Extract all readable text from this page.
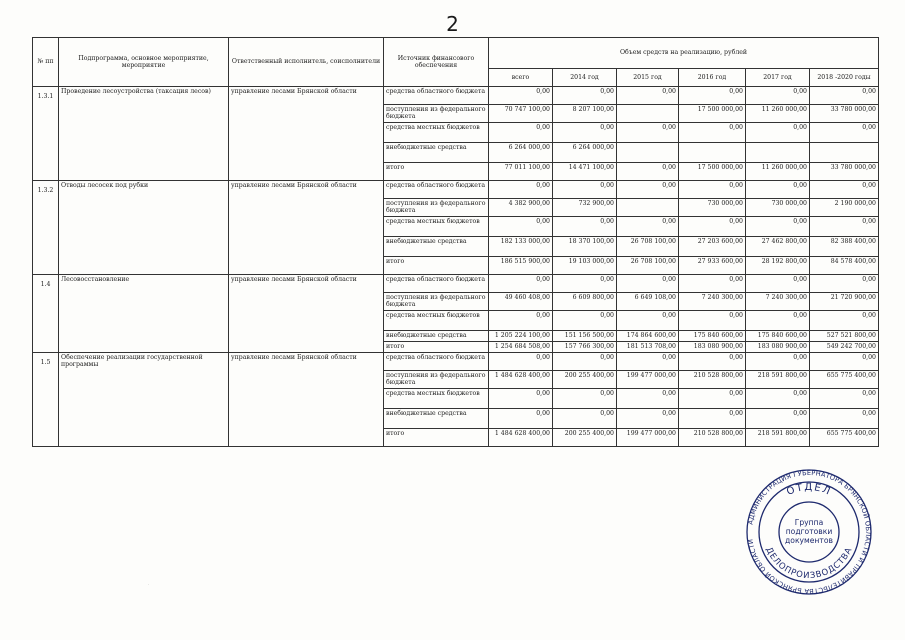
2
№ пп	Подпрограмма, основное мероприятие, мероприятие	Ответственный исполнитель, соисполнители	Источник финансового обеспечения	Объем средств на реализацию, рублей					
				всего	2014 год	2015 год	2016 год	2017 год	2018 -2020 годы
1.3.1	Проведение лесоустройства (таксация лесов)	управление лесами Брянской области	средства областного бюджета	0,00	0,00	0,00	0,00	0,00	0,00
			поступления из федерального бюджета	70 747 100,00	8 207 100,00		17 500 000,00	11 260 000,00	33 780 000,00
			средства местных бюджетов	0,00	0,00	0,00	0,00	0,00	0,00
			внебюджетные средства	6 264 000,00	6 264 000,00				
			итого	77 011 100,00	14 471 100,00	0,00	17 500 000,00	11 260 000,00	33 780 000,00
1.3.2	Отводы лесосек под рубки	управление лесами Брянской области	средства областного бюджета	0,00	0,00	0,00	0,00	0,00	0,00
			поступления из федерального бюджета	4 382 900,00	732 900,00		730 000,00	730 000,00	2 190 000,00
			средства местных бюджетов	0,00	0,00	0,00	0,00	0,00	0,00
			внебюджетные средства	182 133 000,00	18 370 100,00	26 708 100,00	27 203 600,00	27 462 800,00	82 388 400,00
			итого	186 515 900,00	19 103 000,00	26 708 100,00	27 933 600,00	28 192 800,00	84 578 400,00
1.4	Лесовосстановление	управление лесами Брянской области	средства областного бюджета	0,00	0,00	0,00	0,00	0,00	0,00
			поступления из федерального бюджета	49 460 408,00	6 609 800,00	6 649 108,00	7 240 300,00	7 240 300,00	21 720 900,00
			средства местных бюджетов	0,00	0,00	0,00	0,00	0,00	0,00
			внебюджетные средства	1 205 224 100,00	151 156 500,00	174 864 600,00	175 840 600,00	175 840 600,00	527 521 800,00
			итого	1 254 684 508,00	157 766 300,00	181 513 708,00	183 080 900,00	183 080 900,00	549 242 700,00
1.5	Обеспечение реализации государственной программы	управление лесами Брянской области	средства областного бюджета	0,00	0,00	0,00	0,00	0,00	0,00
			поступления из федерального бюджета	1 484 628 400,00	200 255 400,00	199 477 000,00	210 528 800,00	218 591 800,00	655 775 400,00
			средства местных бюджетов	0,00	0,00	0,00	0,00	0,00	0,00
			внебюджетные средства	0,00	0,00	0,00	0,00	0,00	0,00
			итого	1 484 628 400,00	200 255 400,00	199 477 000,00	210 528 800,00	218 591 800,00	655 775 400,00
АДМИНИСТРАЦИЯ ГУБЕРНАТОРА БРЯНСКОЙ ОБЛАСТИ И ПРАВИТЕЛЬСТВА БРЯНСКОЙ ОБЛАСТИ
ОТДЕЛ
ДЕЛОПРОИЗВОДСТВА
Группа подготовки документов
·
